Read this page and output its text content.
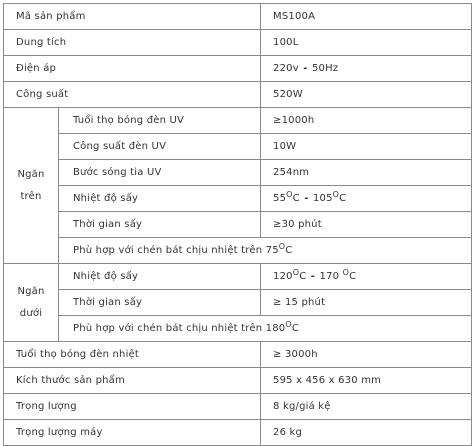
Mã sản phẩm		MS100A
Dung tích		100L
Điện áp		220v - 50Hz
Công suất		520W
Ngăn
trên	Tuổi thọ bóng đèn UV	≥1000h
	Công suất đèn UV	10W
	Bước sóng tia UV	254nm
	Nhiệt độ sấy	$55^OC - 105^OC$
	Thời gian sấy	≥30 phút
	Phù hợp với chén bát chịu nhiệt trên $75^OC$	
Ngăn
dưới	Nhiệt độ sấy	$120^OC - 170$ $^O$C
	Thời gian sấy	≥ 15 phút
	Phù hợp với chén bát chịu nhiệt trên $180^OC$	
Tuổi thọ bóng đèn nhiệt		≥ 3000h
Kích thước sản phẩm		595 x 456 x 630 mm
Trọng lượng		8 kg/giá kệ
Trọng lượng máy		26 kg
